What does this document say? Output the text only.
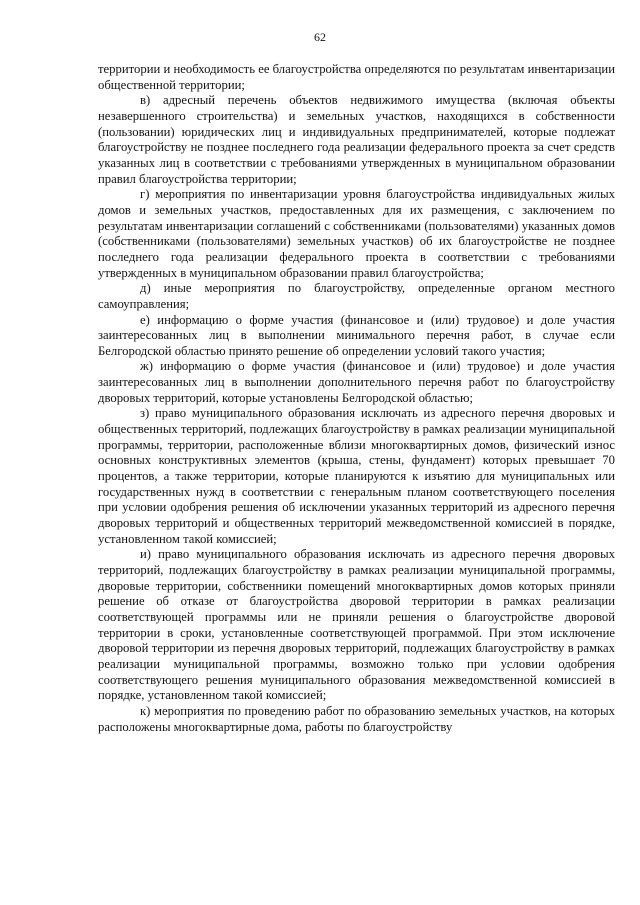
62

территории и необходимость ее благоустройства определяются по результатам инвентаризации общественной территории;

в) адресный перечень объектов недвижимого имущества (включая объекты незавершенного строительства) и земельных участков, находящихся в собственности (пользовании) юридических лиц и индивидуальных предпринимателей, которые подлежат благоустройству не позднее последнего года реализации федерального проекта за счет средств указанных лиц в соответствии с требованиями утвержденных в муниципальном образовании правил благоустройства территории;

г) мероприятия по инвентаризации уровня благоустройства индивидуальных жилых домов и земельных участков, предоставленных для их размещения, с заключением по результатам инвентаризации соглашений с собственниками (пользователями) указанных домов (собственниками (пользователями) земельных участков) об их благоустройстве не позднее последнего года реализации федерального проекта в соответствии с требованиями утвержденных в муниципальном образовании правил благоустройства;

д) иные мероприятия по благоустройству, определенные органом местного самоуправления;

е) информацию о форме участия (финансовое и (или) трудовое) и доле участия заинтересованных лиц в выполнении минимального перечня работ, в случае если Белгородской областью принято решение об определении условий такого участия;

ж) информацию о форме участия (финансовое и (или) трудовое) и доле участия заинтересованных лиц в выполнении дополнительного перечня работ по благоустройству дворовых территорий, которые установлены Белгородской областью;

з) право муниципального образования исключать из адресного перечня дворовых и общественных территорий, подлежащих благоустройству в рамках реализации муниципальной программы, территории, расположенные вблизи многоквартирных домов, физический износ основных конструктивных элементов (крыша, стены, фундамент) которых превышает 70 процентов, а также территории, которые планируются к изъятию для муниципальных или государственных нужд в соответствии с генеральным планом соответствующего поселения при условии одобрения решения об исключении указанных территорий из адресного перечня дворовых территорий и общественных территорий межведомственной комиссией в порядке, установленном такой комиссией;

и) право муниципального образования исключать из адресного перечня дворовых территорий, подлежащих благоустройству в рамках реализации муниципальной программы, дворовые территории, собственники помещений многоквартирных домов которых приняли решение об отказе от благоустройства дворовой территории в рамках реализации соответствующей программы или не приняли решения о благоустройстве дворовой территории в сроки, установленные соответствующей программой. При этом исключение дворовой территории из перечня дворовых территорий, подлежащих благоустройству в рамках реализации муниципальной программы, возможно только при условии одобрения соответствующего решения муниципального образования межведомственной комиссией в порядке, установленном такой комиссией;

к) мероприятия по проведению работ по образованию земельных участков, на которых расположены многоквартирные дома, работы по благоустройству
